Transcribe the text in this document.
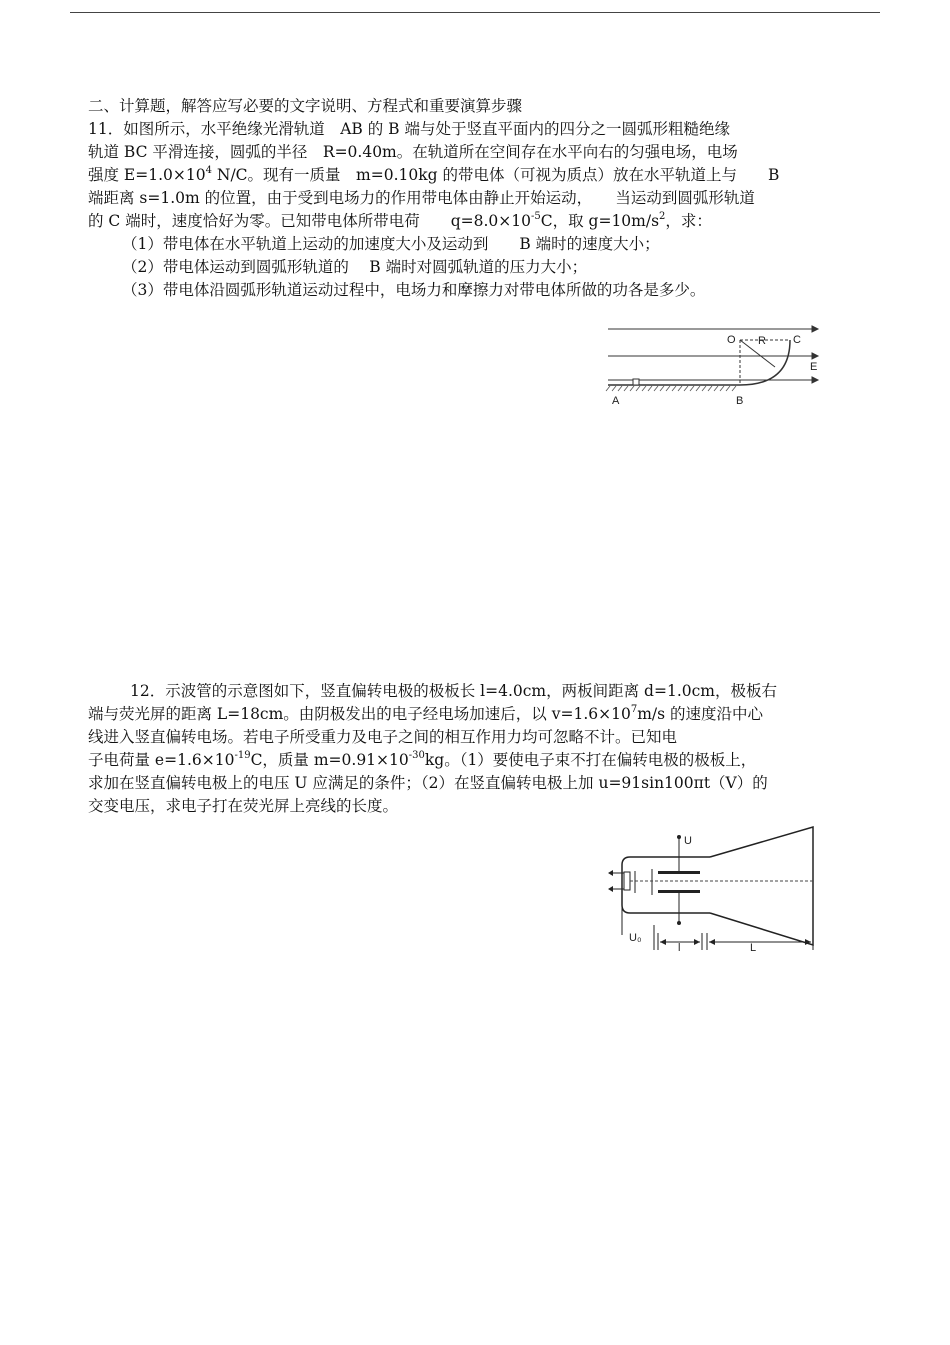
二、计算题，解答应写必要的文字说明、方程式和重要演算步骤
11．如图所示，水平绝缘光滑轨道　AB 的 B 端与处于竖直平面内的四分之一圆弧形粗糙绝缘
轨道 BC 平滑连接，圆弧的半径　R=0.40m。在轨道所在空间存在水平向右的匀强电场，电场
强度 $E=1.0\times 10^4$ N/C。现有一质量　m=0.10kg 的带电体（可视为质点）放在水平轨道上与　　B
端距离 s=1.0m 的位置，由于受到电场力的作用带电体由静止开始运动，　　当运动到圆弧形轨道
的 C 端时，速度恰好为零。已知带电体所带电荷　　$q=8.0\times 10^{-5}C$，取 $g=10m/s^2$，求：
（1）带电体在水平轨道上运动的加速度大小及运动到　　B 端时的速度大小；
（2）带电体运动到圆弧形轨道的　 B 端时对圆弧轨道的压力大小；
（3）带电体沿圆弧形轨道运动过程中，电场力和摩擦力对带电体所做的功各是多少。
O R C
E
A	B
12．示波管的示意图如下，竖直偏转电极的极板长 l=4.0cm，两板间距离 d=1.0cm，极板右
端与荧光屏的距离 L=18cm。由阴极发出的电子经电场加速后，以 $v=1.6\times 10^7m/s$ 的速度沿中心
线进入竖直偏转电场。若电子所受重力及电子之间的相互作用力均可忽略不计。已知电
子电荷量 $e=1.6\times 10^{-19}C$，质量 $m=0.91\times 10^{-30}kg$。（1）要使电子束不打在偏转电极的极板上，
求加在竖直偏转电极上的电压 U 应满足的条件；（2）在竖直偏转电极上加 u=91sin100πt（V）的
交变电压，求电子打在荧光屏上亮线的长度。
U
U₀
l	L
